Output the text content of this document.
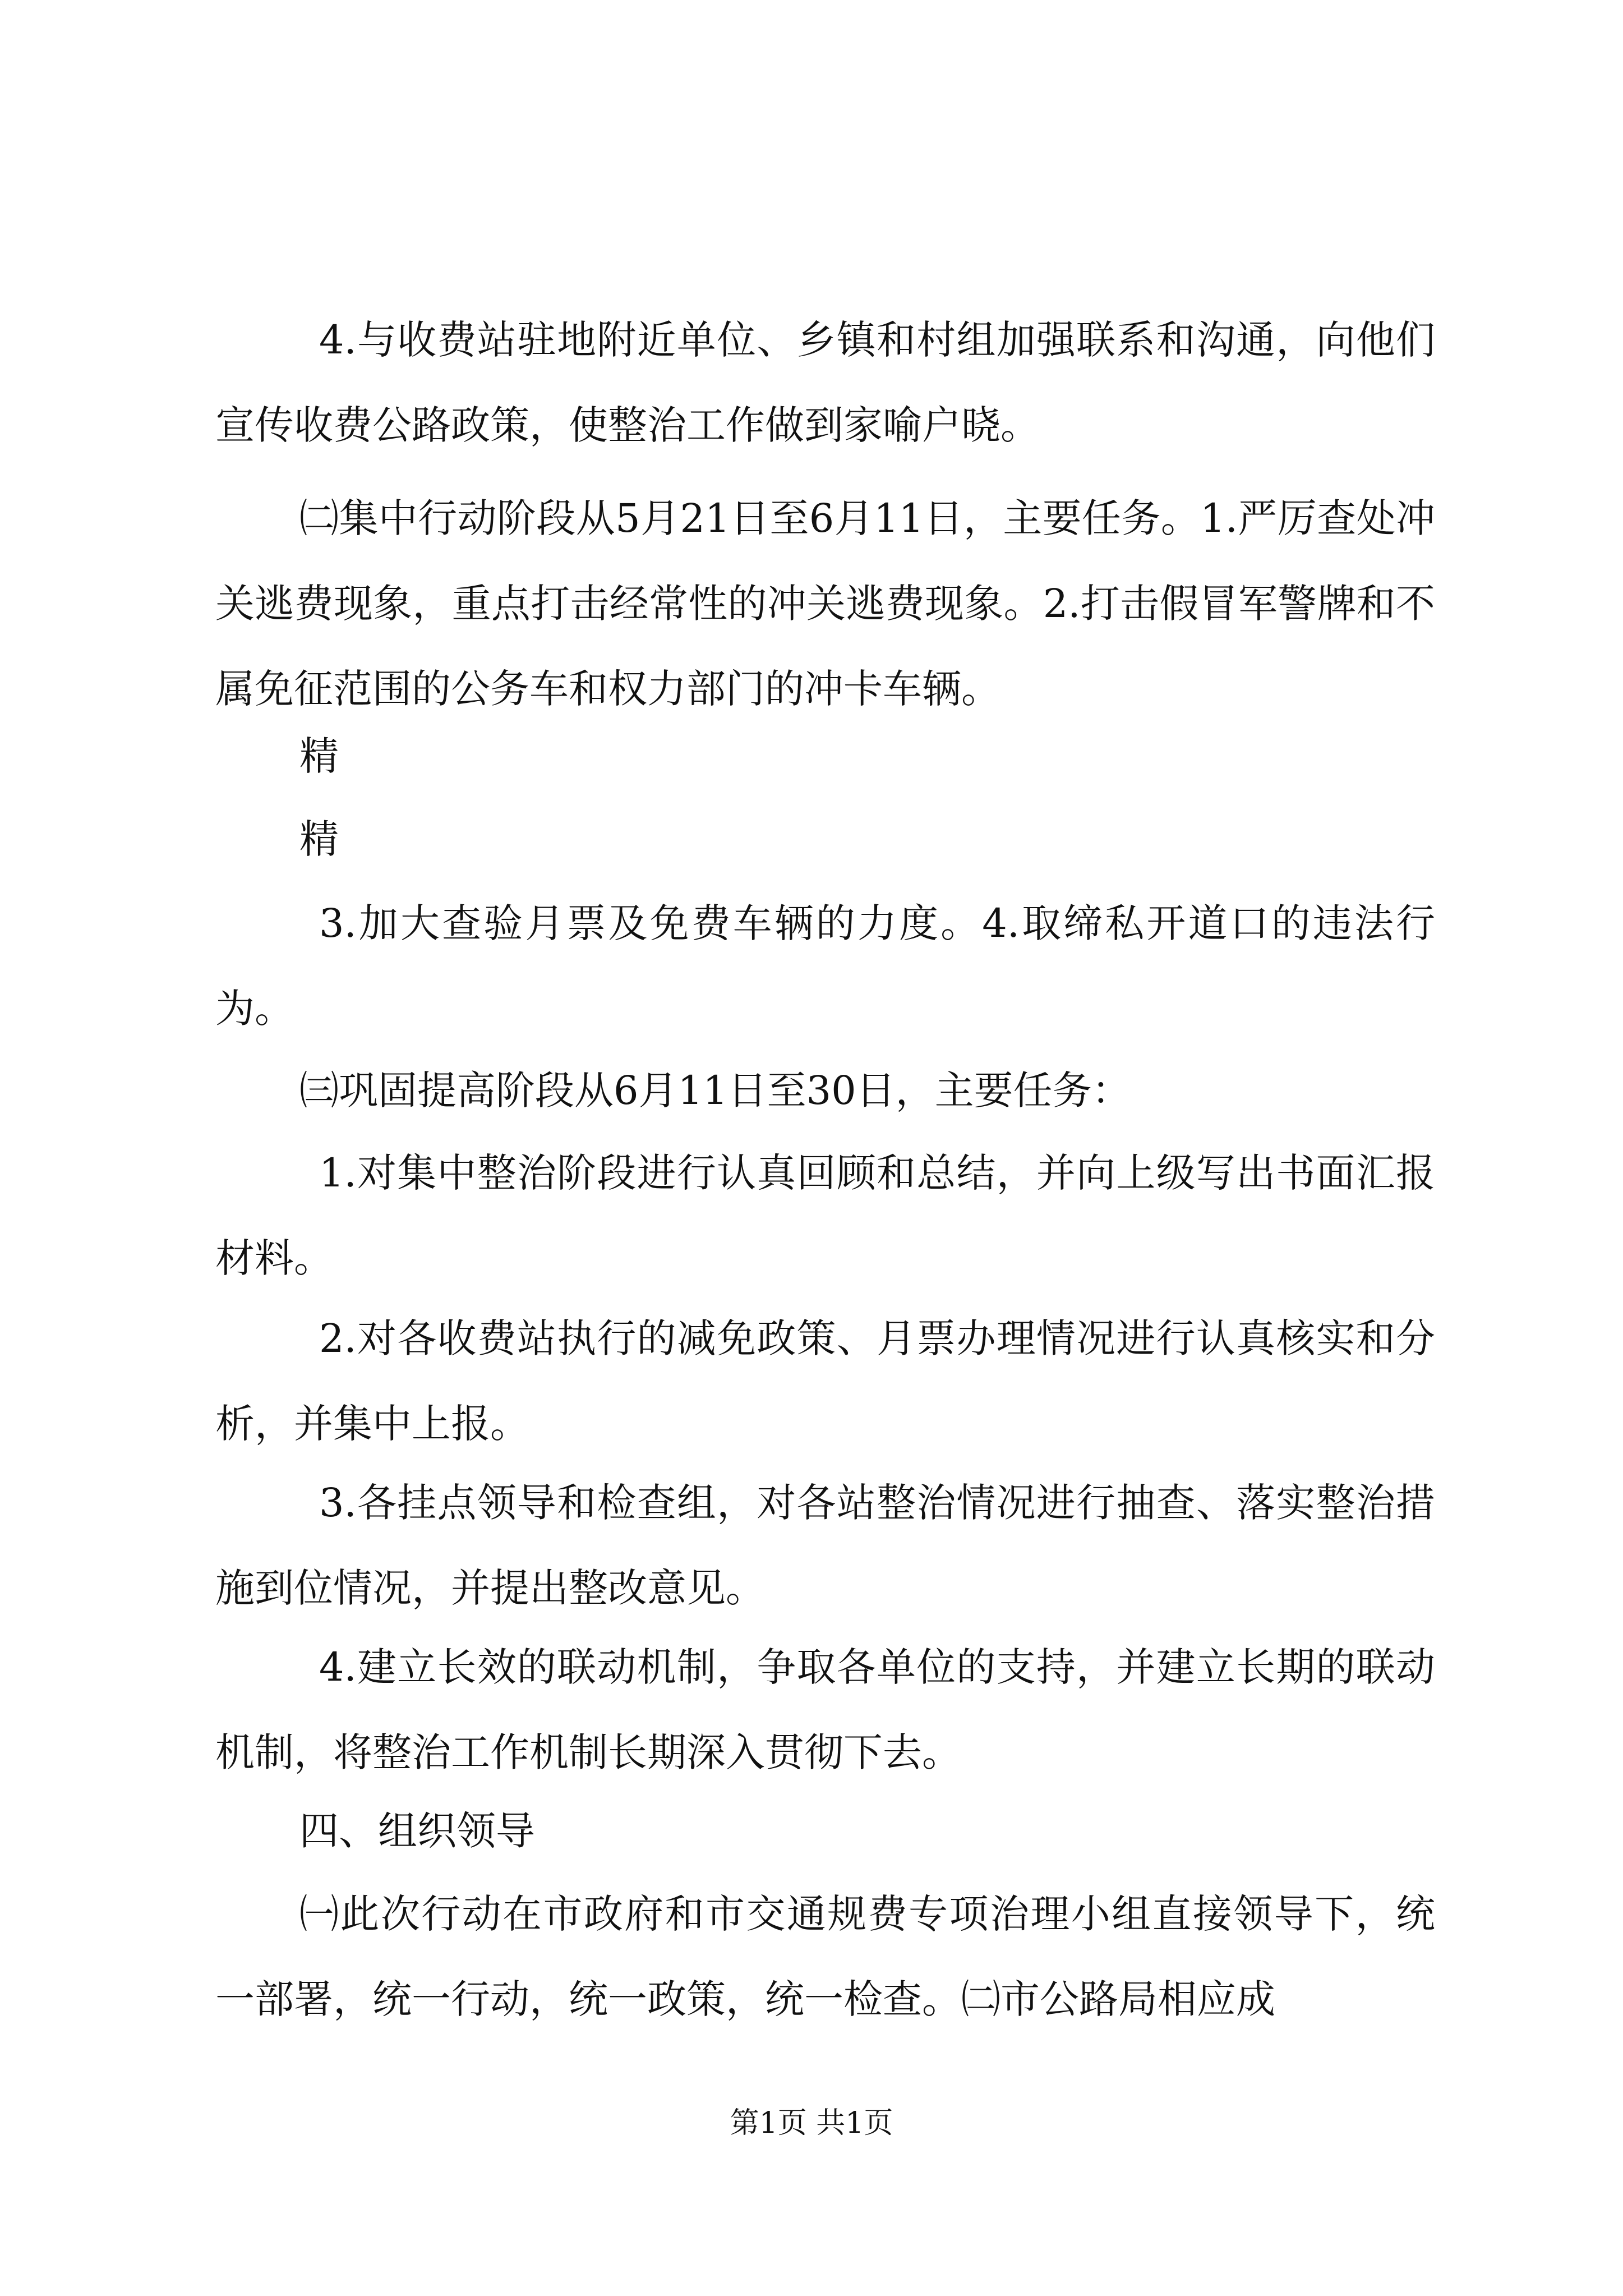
4.与收费站驻地附近单位、乡镇和村组加强联系和沟通，向他们宣传收费公路政策，使整治工作做到家喻户晓。

㈡集中行动阶段从5月21日至6月11日，主要任务。1.严厉查处冲关逃费现象，重点打击经常性的冲关逃费现象。2.打击假冒军警牌和不属免征范围的公务车和权力部门的冲卡车辆。

精

精

3.加大查验月票及免费车辆的力度。4.取缔私开道口的违法行为。

㈢巩固提高阶段从6月11日至30日，主要任务：

1.对集中整治阶段进行认真回顾和总结，并向上级写出书面汇报材料。

2.对各收费站执行的减免政策、月票办理情况进行认真核实和分析，并集中上报。

3.各挂点领导和检查组，对各站整治情况进行抽查、落实整治措施到位情况，并提出整改意见。

4.建立长效的联动机制，争取各单位的支持，并建立长期的联动机制，将整治工作机制长期深入贯彻下去。

四、组织领导

㈠此次行动在市政府和市交通规费专项治理小组直接领导下，统一部署，统一行动，统一政策，统一检查。㈡市公路局相应成

第1页 共1页
